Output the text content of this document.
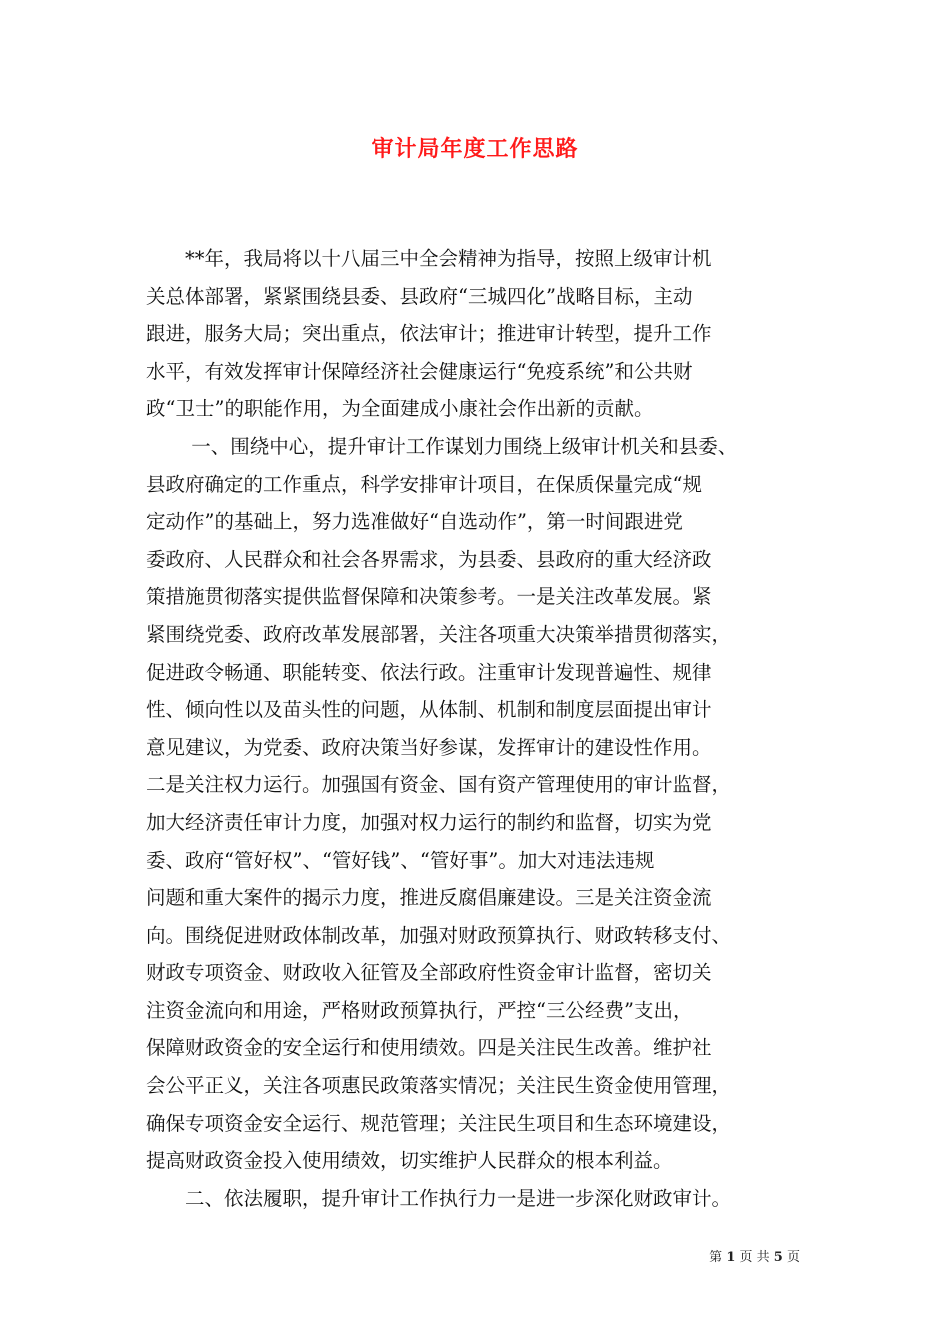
审计局年度工作思路
　　**年，我局将以十八届三中全会精神为指导，按照上级审计机
关总体部署，紧紧围绕县委、县政府“三城四化”战略目标，主动
跟进，服务大局；突出重点，依法审计；推进审计转型，提升工作
水平，有效发挥审计保障经济社会健康运行“免疫系统”和公共财
政“卫士”的职能作用，为全面建成小康社会作出新的贡献。
　　 一、围绕中心，提升审计工作谋划力围绕上级审计机关和县委、
县政府确定的工作重点，科学安排审计项目，在保质保量完成“规
定动作”的基础上，努力选准做好“自选动作”，第一时间跟进党
委政府、人民群众和社会各界需求，为县委、县政府的重大经济政
策措施贯彻落实提供监督保障和决策参考。一是关注改革发展。紧
紧围绕党委、政府改革发展部署，关注各项重大决策举措贯彻落实，
促进政令畅通、职能转变、依法行政。注重审计发现普遍性、规律
性、倾向性以及苗头性的问题，从体制、机制和制度层面提出审计
意见建议，为党委、政府决策当好参谋，发挥审计的建设性作用。
二是关注权力运行。加强国有资金、国有资产管理使用的审计监督，
加大经济责任审计力度，加强对权力运行的制约和监督，切实为党
委、政府“管好权”、“管好钱”、“管好事”。加大对违法违规
问题和重大案件的揭示力度，推进反腐倡廉建设。三是关注资金流
向。围绕促进财政体制改革，加强对财政预算执行、财政转移支付、
财政专项资金、财政收入征管及全部政府性资金审计监督，密切关
注资金流向和用途，严格财政预算执行，严控“三公经费”支出，
保障财政资金的安全运行和使用绩效。四是关注民生改善。维护社
会公平正义，关注各项惠民政策落实情况；关注民生资金使用管理，
确保专项资金安全运行、规范管理；关注民生项目和生态环境建设，
提高财政资金投入使用绩效，切实维护人民群众的根本利益。
　　二、依法履职，提升审计工作执行力一是进一步深化财政审计。
第 1 页 共 5 页
